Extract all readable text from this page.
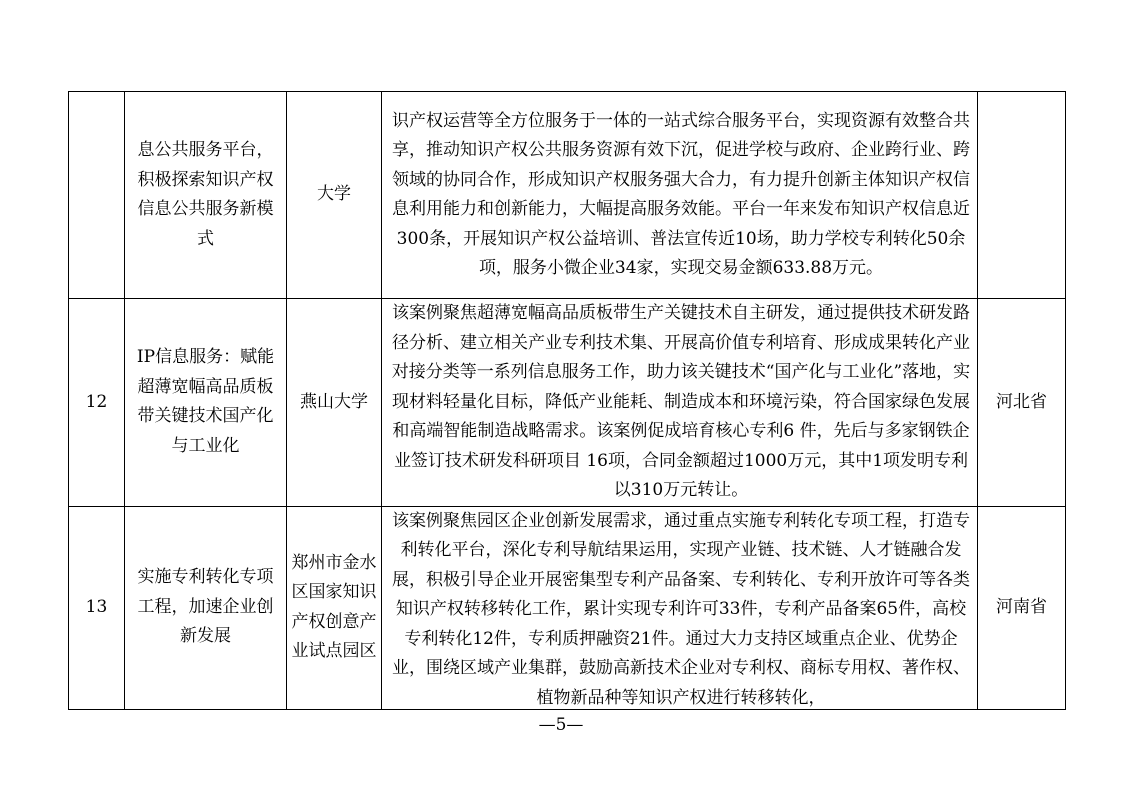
	息公共服务平台，积极探索知识产权信息公共服务新模式	大学	识产权运营等全方位服务于一体的一站式综合服务平台，实现资源有效整合共享，推动知识产权公共服务资源有效下沉，促进学校与政府、企业跨行业、跨领域的协同合作，形成知识产权服务强大合力，有力提升创新主体知识产权信息利用能力和创新能力，大幅提高服务效能。平台一年来发布知识产权信息近300条，开展知识产权公益培训、普法宣传近10场，助力学校专利转化50余项，服务小微企业34家，实现交易金额633.88万元。	
12	IP信息服务：赋能超薄宽幅高品质板带关键技术国产化与工业化	燕山大学	该案例聚焦超薄宽幅高品质板带生产关键技术自主研发，通过提供技术研发路径分析、建立相关产业专利技术集、开展高价值专利培育、形成成果转化产业对接分类等一系列信息服务工作，助力该关键技术“国产化与工业化”落地，实现材料轻量化目标，降低产业能耗、制造成本和环境污染，符合国家绿色发展和高端智能制造战略需求。该案例促成培育核心专利6 件，先后与多家钢铁企业签订技术研发科研项目 16项，合同金额超过1000万元，其中1项发明专利以310万元转让。	河北省
13	实施专利转化专项工程，加速企业创新发展	郑州市金水区国家知识产权创意产业试点园区	该案例聚焦园区企业创新发展需求，通过重点实施专利转化专项工程，打造专利转化平台，深化专利导航结果运用，实现产业链、技术链、人才链融合发展，积极引导企业开展密集型专利产品备案、专利转化、专利开放许可等各类知识产权转移转化工作，累计实现专利许可33件，专利产品备案65件，高校专利转化12件，专利质押融资21件。通过大力支持区域重点企业、优势企业，围绕区域产业集群，鼓励高新技术企业对专利权、商标专用权、著作权、植物新品种等知识产权进行转移转化，	河南省
—5—
